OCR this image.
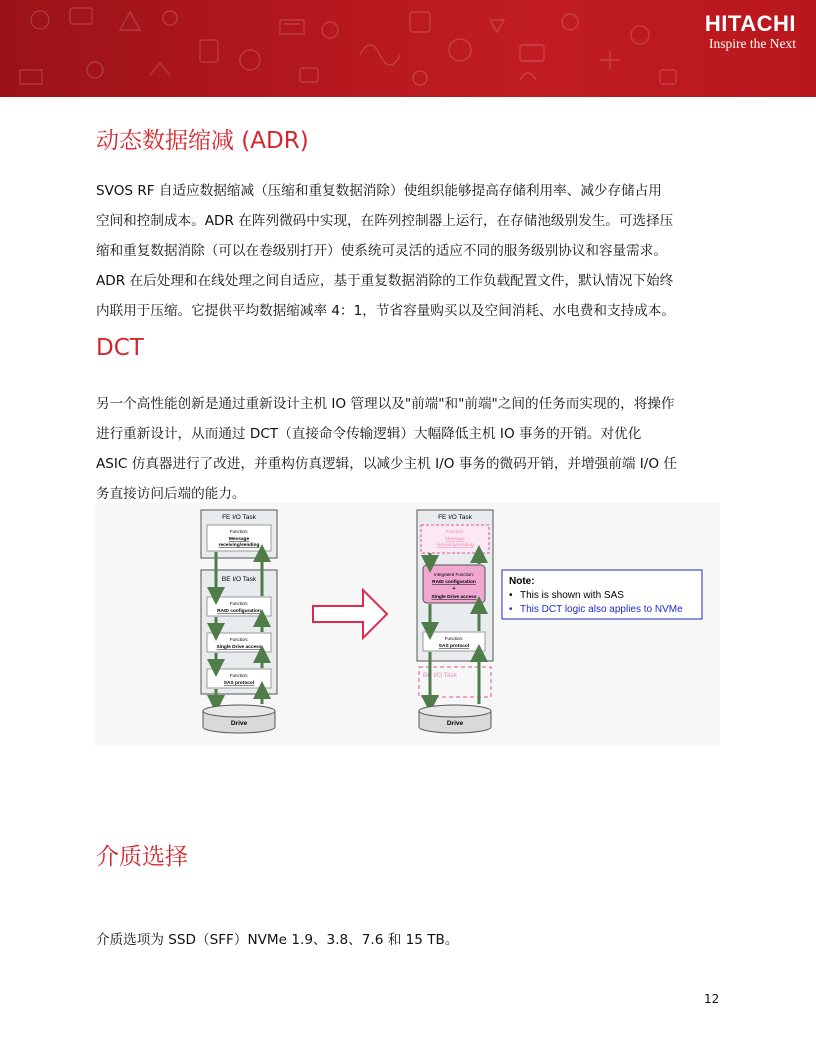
HITACHI
Inspire the Next
动态数据缩减 (ADR)
SVOS RF 自适应数据缩减（压缩和重复数据消除）使组织能够提高存储利用率、减少存储占用
空间和控制成本。ADR 在阵列微码中实现，在阵列控制器上运行，在存储池级别发生。可选择压
缩和重复数据消除（可以在卷级别打开）使系统可灵活的适应不同的服务级别协议和容量需求。
ADR 在后处理和在线处理之间自适应，基于重复数据消除的工作负载配置文件，默认情况下始终
内联用于压缩。它提供平均数据缩减率 4：1，节省容量购买以及空间消耗、水电费和支持成本。
DCT
另一个高性能创新是通过重新设计主机 IO 管理以及"前端"和"前端"之间的任务而实现的，将操作
进行重新设计，从而通过 DCT（直接命令传输逻辑）大幅降低主机 IO 事务的开销。对优化
ASIC 仿真器进行了改进，并重构仿真逻辑，以减少主机 I/O 事务的微码开销，并增强前端 I/O 任
务直接访问后端的能力。
FE I/O Task
Function:
Message
receiving/sending
BE I/O Task
Function:
RAID configuration
Function:
Single Drive access
Function:
SAS protocol
Drive
FE I/O Task
Function:
Message
receiving/sending
Integrated Function:
RAID configuration
+
Single Drive access
Function:
SAS protocol
BE I/O Task
Drive
Note:
• This is shown with SAS
• This DCT logic also applies to NVMe
介质选择
介质选项为 SSD（SFF）NVMe 1.9、3.8、7.6 和 15 TB。
12
